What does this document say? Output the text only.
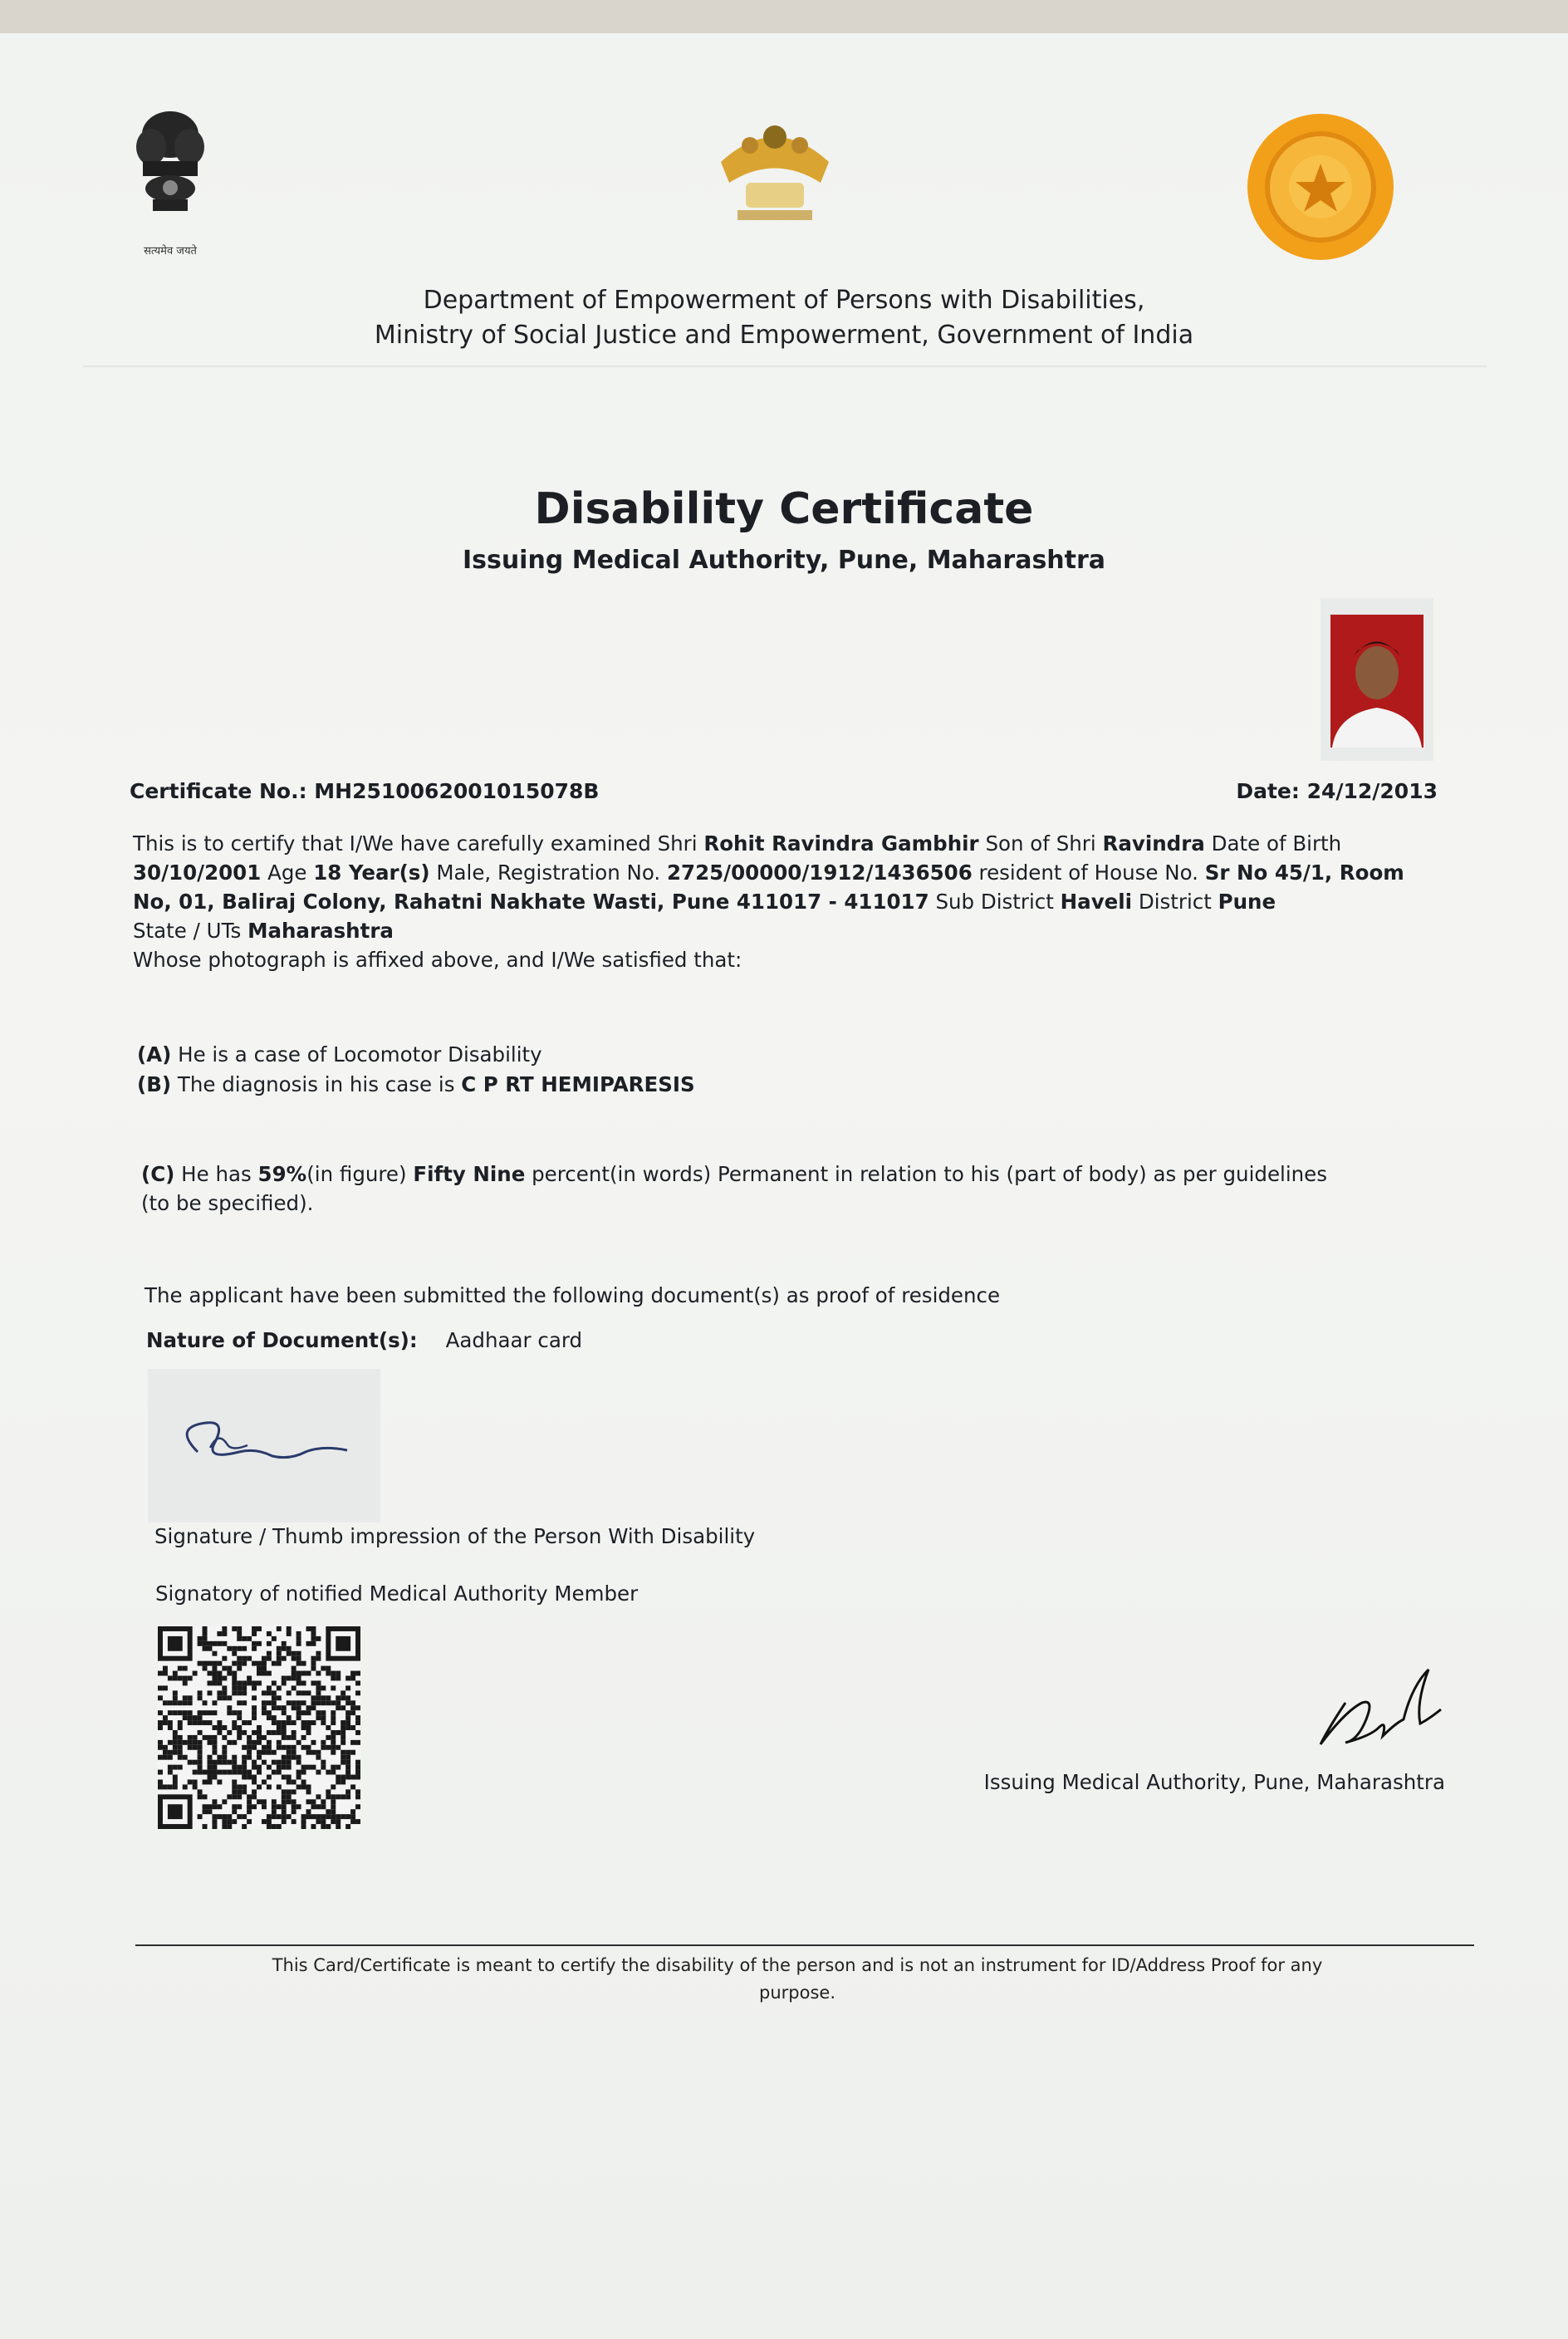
सत्यमेव जयते
Department of Empowerment of Persons with Disabilities,
Ministry of Social Justice and Empowerment, Government of India
Disability Certificate
Issuing Medical Authority, Pune, Maharashtra
Certificate No.: MH2510062001015078B	Date: 24/12/2013
This is to certify that I/We have carefully examined Shri Rohit Ravindra Gambhir Son of Shri Ravindra Date of Birth 30/10/2001 Age 18 Year(s) Male, Registration No. 2725/00000/1912/1436506 resident of House No. Sr No 45/1, Room No, 01, Baliraj Colony, Rahatni Nakhate Wasti, Pune 411017 - 411017 Sub District Haveli District Pune
State / UTs Maharashtra
Whose photograph is affixed above, and I/We satisfied that:
(A) He is a case of Locomotor Disability
(B) The diagnosis in his case is C P RT HEMIPARESIS
(C) He has 59%(in figure) Fifty Nine percent(in words) Permanent in relation to his (part of body) as per guidelines
(to be specified).
The applicant have been submitted the following document(s) as proof of residence
Nature of Document(s): Aadhaar card
Signature / Thumb impression of the Person With Disability
Signatory of notified Medical Authority Member
Issuing Medical Authority, Pune, Maharashtra
This Card/Certificate is meant to certify the disability of the person and is not an instrument for ID/Address Proof for any
purpose.
